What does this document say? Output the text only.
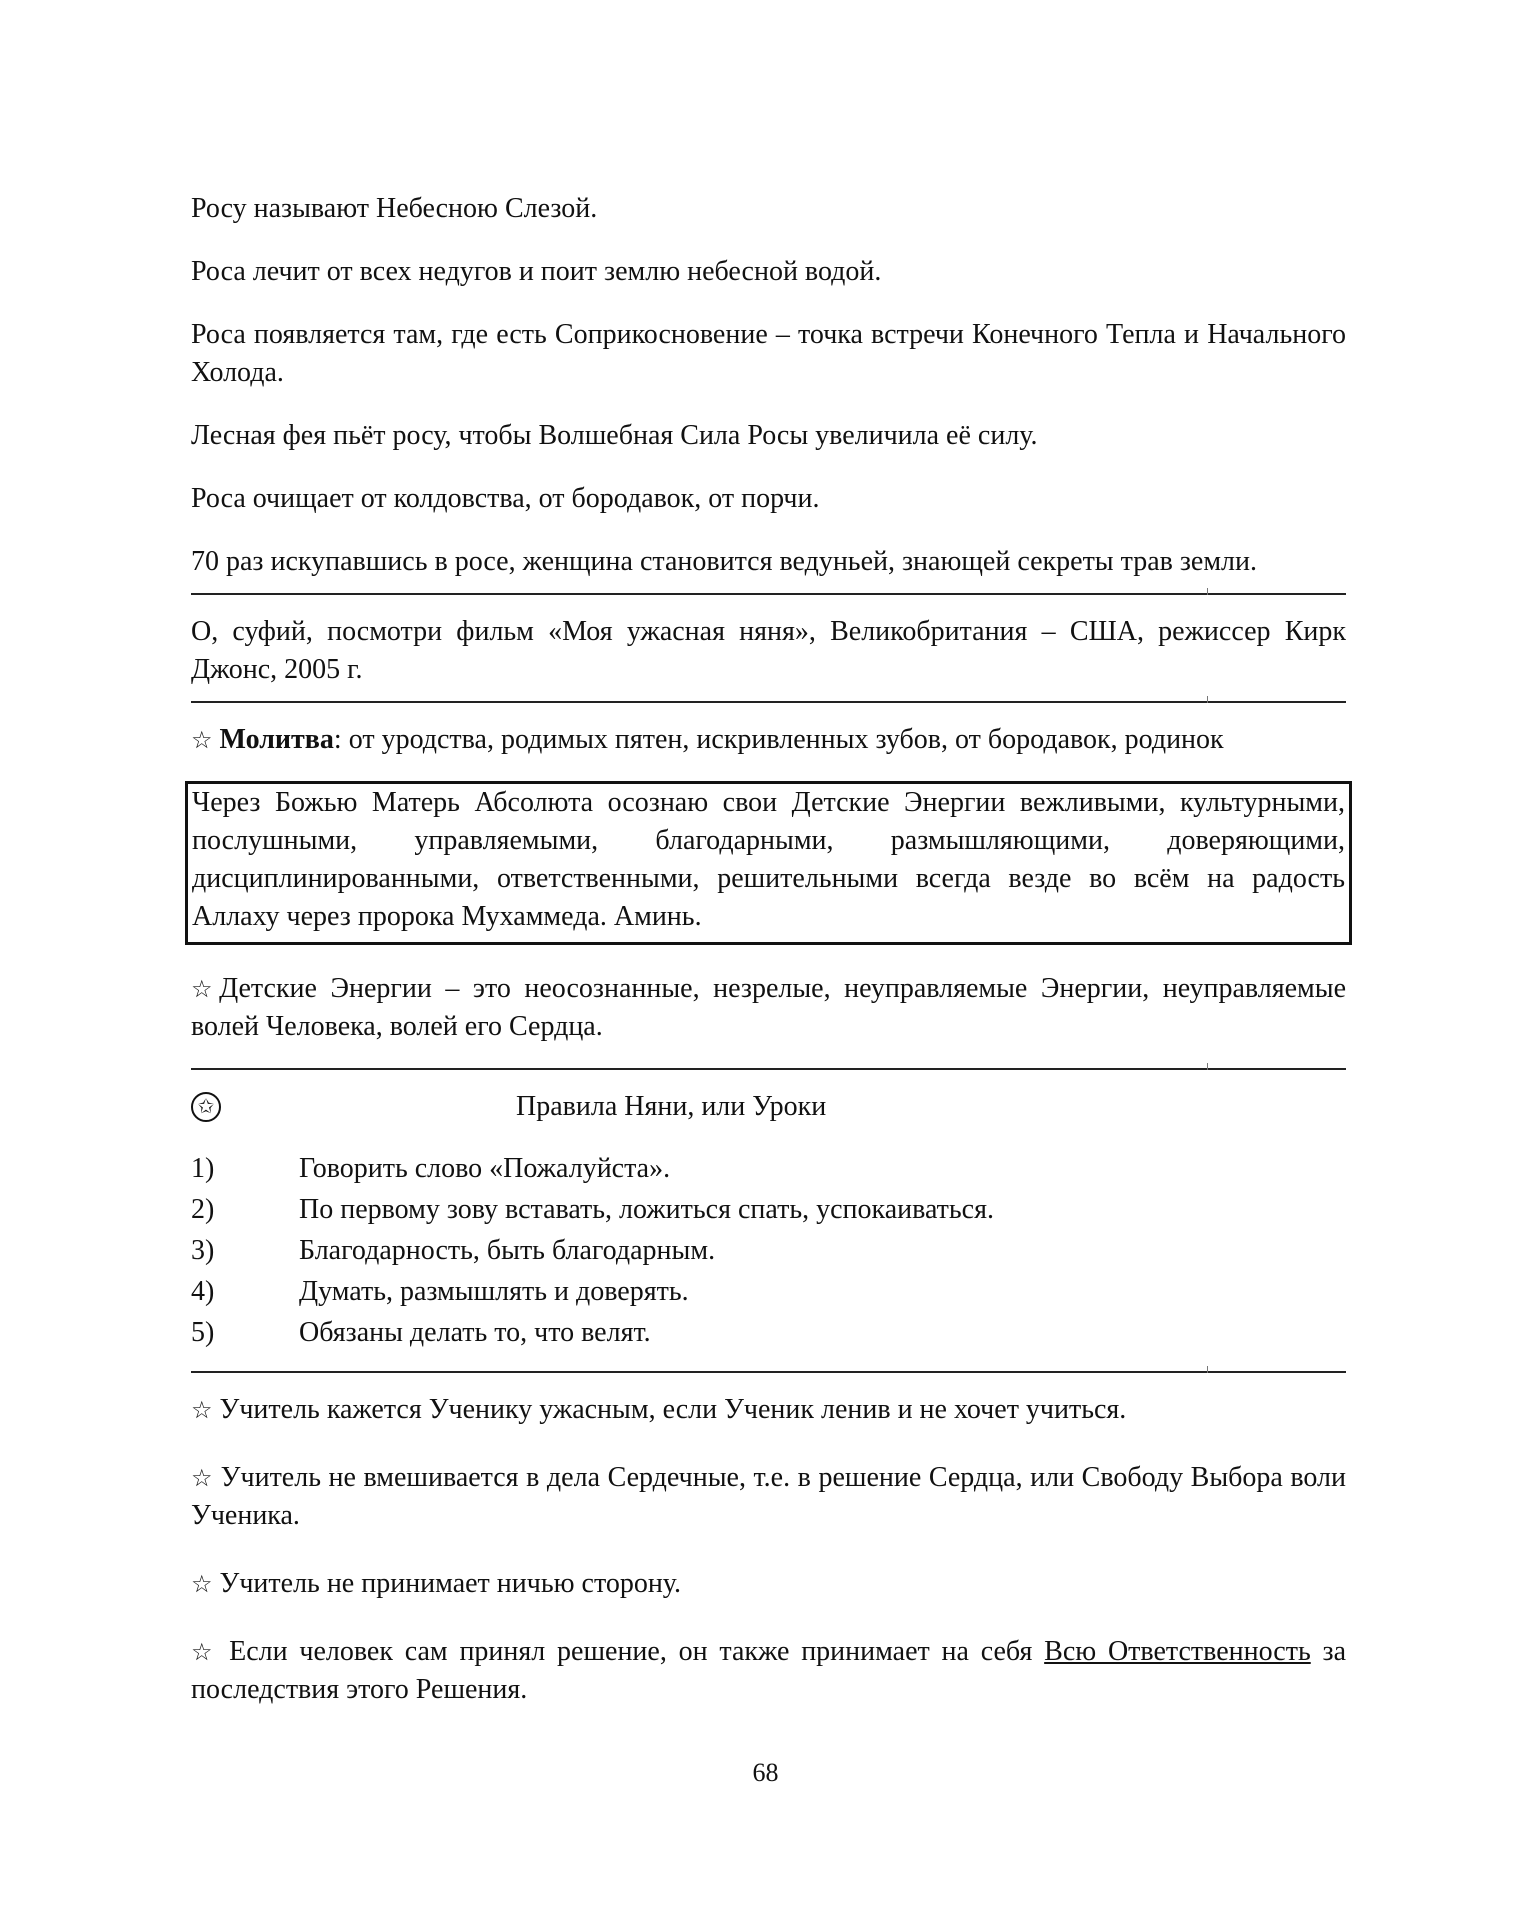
Росу называют Небесною Слезой.

Роса лечит от всех недугов и поит землю небесной водой.

Роса появляется там, где есть Соприкосновение – точка встречи Конечного Тепла и Начального Холода.

Лесная фея пьёт росу, чтобы Волшебная Сила Росы увеличила её силу.

Роса очищает от колдовства, от бородавок, от порчи.

70 раз искупавшись в росе, женщина становится ведуньей, знающей секреты трав земли.

О, суфий, посмотри фильм «Моя ужасная няня», Великобритания – США, режиссер Кирк Джонс, 2005 г.

☆ Молитва: от уродства, родимых пятен, искривленных зубов, от бородавок, родинок

Через Божью Матерь Абсолюта осознаю свои Детские Энергии вежливыми, культурными, послушными, управляемыми, благодарными, размышляющими, доверяющими, дисциплинированными, ответственными, решительными всегда везде во всём на радость Аллаху через пророка Мухаммеда. Аминь.

☆Детские Энергии – это неосознанные, незрелые, неуправляемые Энергии, неуправляемые волей Человека, волей его Сердца.

✩	Правила Няни, или Уроки
1)	Говорить слово «Пожалуйста».
2)	По первому зову вставать, ложиться спать, успокаиваться.
3)	Благодарность, быть благодарным.
4)	Думать, размышлять и доверять.
5)	Обязаны делать то, что велят.

☆ Учитель кажется Ученику ужасным, если Ученик ленив и не хочет учиться.

☆ Учитель не вмешивается в дела Сердечные, т.е. в решение Сердца, или Свободу Выбора воли Ученика.

☆ Учитель не принимает ничью сторону.

☆ Если человек сам принял решение, он также принимает на себя Всю Ответственность за последствия этого Решения.

68
